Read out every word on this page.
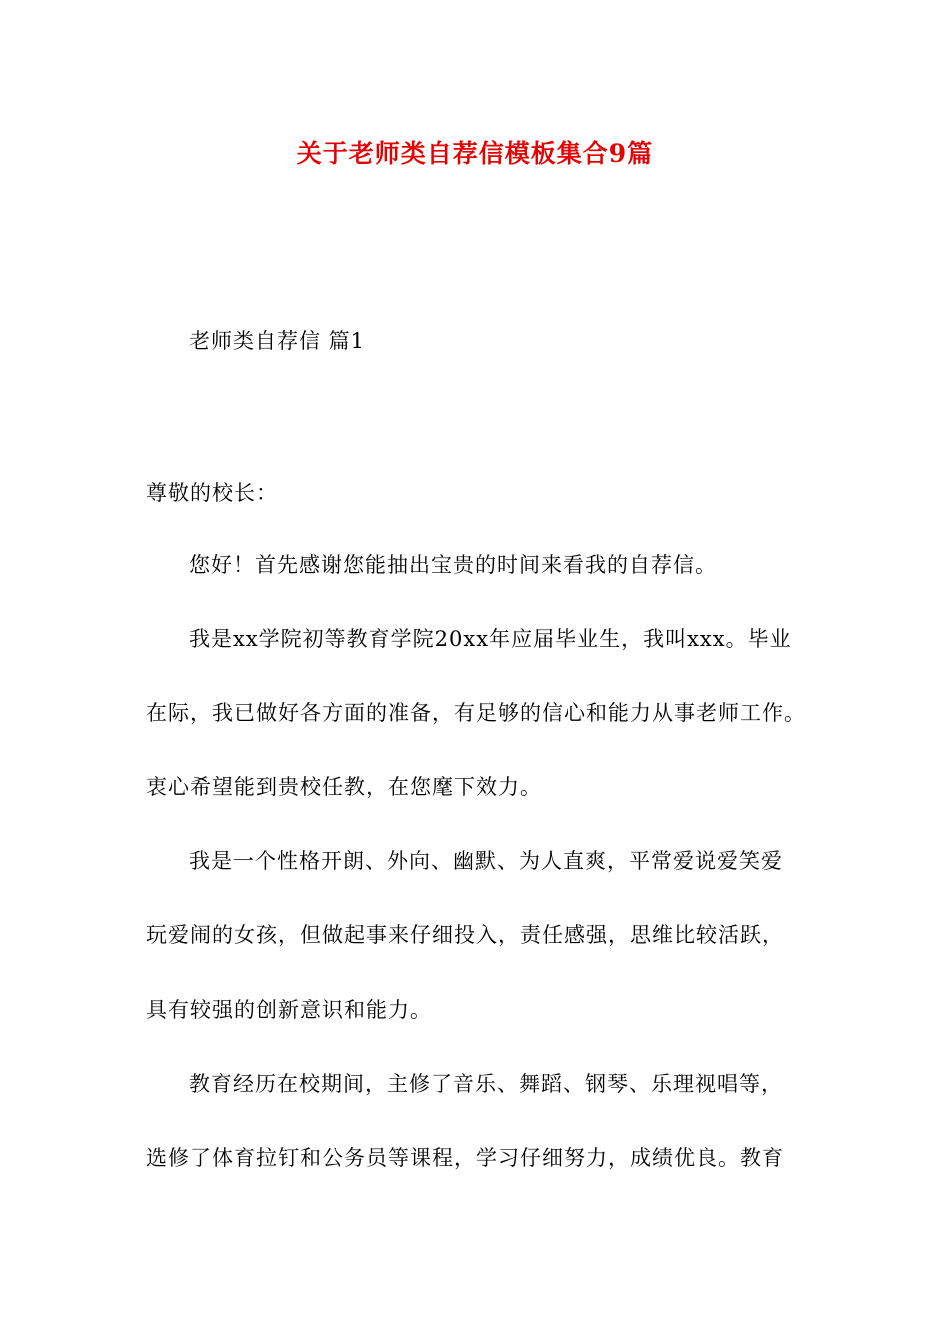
关于老师类自荐信模板集合9篇
老师类自荐信 篇1
尊敬的校长：
您好！首先感谢您能抽出宝贵的时间来看我的自荐信。
我是xx学院初等教育学院20xx年应届毕业生，我叫xxx。毕业
在际，我已做好各方面的准备，有足够的信心和能力从事老师工作。
衷心希望能到贵校任教，在您麾下效力。
我是一个性格开朗、外向、幽默、为人直爽，平常爱说爱笑爱
玩爱闹的女孩，但做起事来仔细投入，责任感强，思维比较活跃，
具有较强的创新意识和能力。
教育经历在校期间，主修了音乐、舞蹈、钢琴、乐理视唱等，
选修了体育拉钉和公务员等课程，学习仔细努力，成绩优良。教育
